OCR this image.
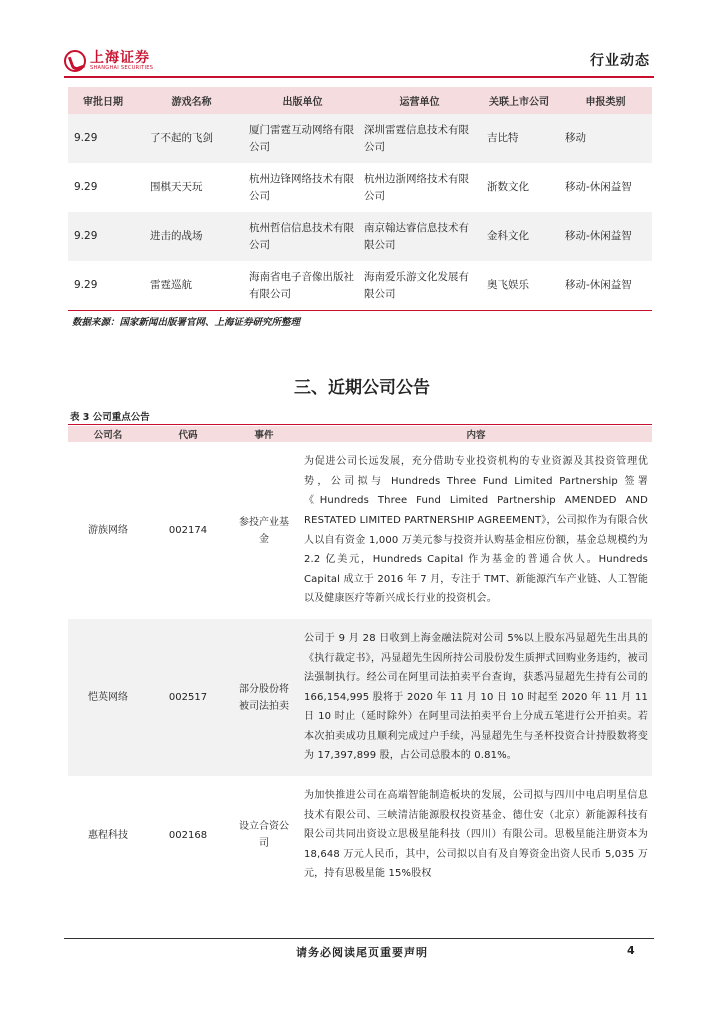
上海证券
SHANGHAI SECURITIES	行业动态
审批日期	游戏名称	出版单位	运营单位	关联上市公司	申报类别
9.29	了不起的飞剑	厦门雷霆互动网络有限公司	深圳雷霆信息技术有限公司	吉比特	移动
9.29	围棋天天玩	杭州边锋网络技术有限公司	杭州边浙网络技术有限公司	浙数文化	移动-休闲益智
9.29	进击的战场	杭州哲信信息技术有限公司	南京翰达睿信息技术有限公司	金科文化	移动-休闲益智
9.29	雷霆巡航	海南省电子音像出版社有限公司	海南爱乐游文化发展有限公司	奥飞娱乐	移动-休闲益智
数据来源：国家新闻出版署官网、上海证券研究所整理
三、近期公司公告
表 3 公司重点公告
公司名	代码	事件	内容
游族网络	002174	参投产业基金	为促进公司长远发展，充分借助专业投资机构的专业资源及其投资管理优势，公司拟与 Hundreds Three Fund Limited Partnership 签署《Hundreds Three Fund Limited Partnership AMENDED AND RESTATED LIMITED PARTNERSHIP AGREEMENT》，公司拟作为有限合伙人以自有资金 1,000 万美元参与投资并认购基金相应份额，基金总规模约为 2.2 亿美元，Hundreds Capital 作为基金的普通合伙人。Hundreds Capital 成立于 2016 年 7 月，专注于 TMT、新能源汽车产业链、人工智能以及健康医疗等新兴成长行业的投资机会。
恺英网络	002517	部分股份将被司法拍卖	公司于 9 月 28 日收到上海金融法院对公司 5%以上股东冯显超先生出具的《执行裁定书》，冯显超先生因所持公司股份发生质押式回购业务违约，被司法强制执行。经公司在阿里司法拍卖平台查询，获悉冯显超先生持有公司的 166,154,995 股将于 2020 年 11 月 10 日 10 时起至 2020 年 11 月 11 日 10 时止（延时除外）在阿里司法拍卖平台上分成五笔进行公开拍卖。若本次拍卖成功且顺利完成过户手续，冯显超先生与圣杯投资合计持股数将变为 17,397,899 股，占公司总股本的 0.81%。
惠程科技	002168	设立合资公司	为加快推进公司在高端智能制造板块的发展，公司拟与四川中电启明星信息技术有限公司、三峡清洁能源股权投资基金、德仕安（北京）新能源科技有限公司共同出资设立思极星能科技（四川）有限公司。思极星能注册资本为 18,648 万元人民币，其中，公司拟以自有及自筹资金出资人民币 5,035 万元，持有思极星能 15%股权
请务必阅读尾页重要声明	4
